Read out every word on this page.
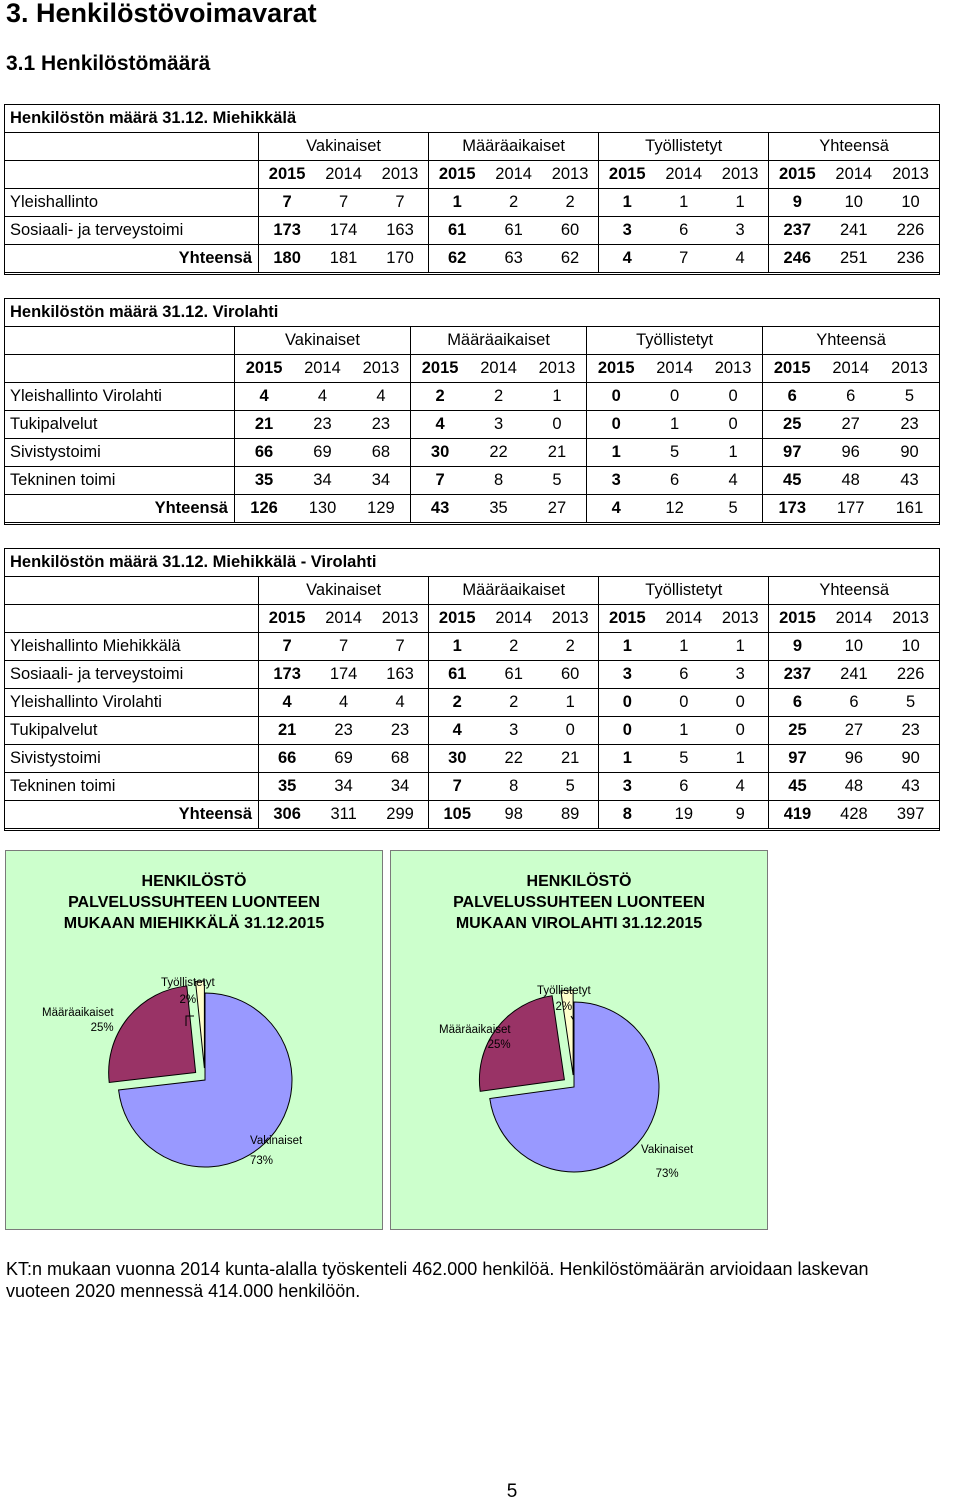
3. Henkilöstövoimavarat
3.1 Henkilöstömäärä
Henkilöstön määrä 31.12. Miehikkälä												
	Vakinaiset			Määräaikaiset			Työllistetyt			Yhteensä		
	2015	2014	2013	2015	2014	2013	2015	2014	2013	2015	2014	2013
Yleishallinto	7	7	7	1	2	2	1	1	1	9	10	10
Sosiaali- ja terveystoimi	173	174	163	61	61	60	3	6	3	237	241	226
Yhteensä	180	181	170	62	63	62	4	7	4	246	251	236
Henkilöstön määrä 31.12. Virolahti												
	Vakinaiset			Määräaikaiset			Työllistetyt			Yhteensä		
	2015	2014	2013	2015	2014	2013	2015	2014	2013	2015	2014	2013
Yleishallinto Virolahti	4	4	4	2	2	1	0	0	0	6	6	5
Tukipalvelut	21	23	23	4	3	0	0	1	0	25	27	23
Sivistystoimi	66	69	68	30	22	21	1	5	1	97	96	90
Tekninen toimi	35	34	34	7	8	5	3	6	4	45	48	43
Yhteensä	126	130	129	43	35	27	4	12	5	173	177	161
Henkilöstön määrä 31.12. Miehikkälä - Virolahti												
	Vakinaiset			Määräaikaiset			Työllistetyt			Yhteensä		
	2015	2014	2013	2015	2014	2013	2015	2014	2013	2015	2014	2013
Yleishallinto Miehikkälä	7	7	7	1	2	2	1	1	1	9	10	10
Sosiaali- ja terveystoimi	173	174	163	61	61	60	3	6	3	237	241	226
Yleishallinto Virolahti	4	4	4	2	2	1	0	0	0	6	6	5
Tukipalvelut	21	23	23	4	3	0	0	1	0	25	27	23
Sivistystoimi	66	69	68	30	22	21	1	5	1	97	96	90
Tekninen toimi	35	34	34	7	8	5	3	6	4	45	48	43
Yhteensä	306	311	299	105	98	89	8	19	9	419	428	397
HENKILÖSTÖ
PALVELUSSUHTEEN LUONTEEN
MUKAAN MIEHIKKÄLÄ 31.12.2015
Työllistetyt
2%
Määräaikaiset
25%
Vakinaiset
73%
HENKILÖSTÖ
PALVELUSSUHTEEN LUONTEEN
MUKAAN VIROLAHTI 31.12.2015
Työllistetyt
2%
Määräaikaiset
25%
Vakinaiset
73%
KT:n mukaan vuonna 2014 kunta-alalla työskenteli 462.000 henkilöä. Henkilöstömäärän arvioidaan laskevan
vuoteen 2020 mennessä 414.000 henkilöön.
5
